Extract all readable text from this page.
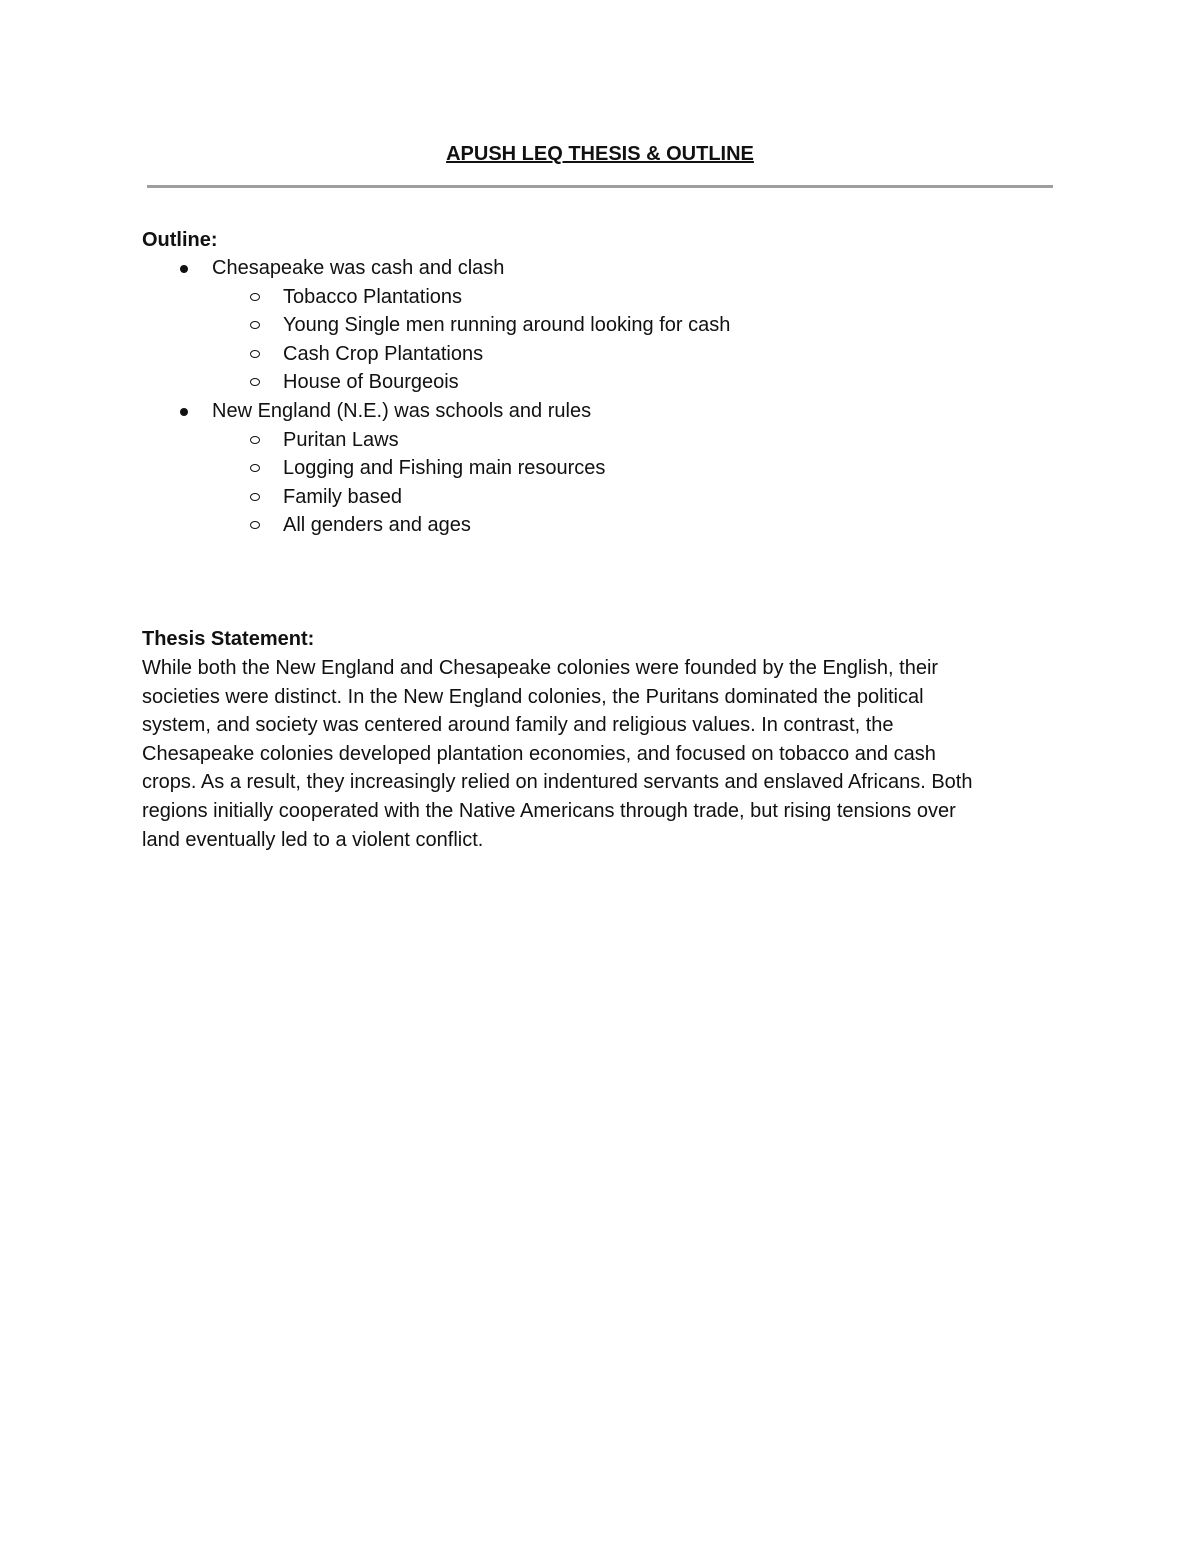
APUSH LEQ THESIS & OUTLINE
Outline:
Chesapeake was cash and clash
Tobacco Plantations
Young Single men running around looking for cash
Cash Crop Plantations
House of Bourgeois
New England (N.E.) was schools and rules
Puritan Laws
Logging and Fishing main resources
Family based
All genders and ages
Thesis Statement:

While both the New England and Chesapeake colonies were founded by the English, their
societies were distinct. In the New England colonies, the Puritans dominated the political
system, and society was centered around family and religious values. In contrast, the
Chesapeake colonies developed plantation economies, and focused on tobacco and cash
crops. As a result, they increasingly relied on indentured servants and enslaved Africans. Both
regions initially cooperated with the Native Americans through trade, but rising tensions over
land eventually led to a violent conflict.
